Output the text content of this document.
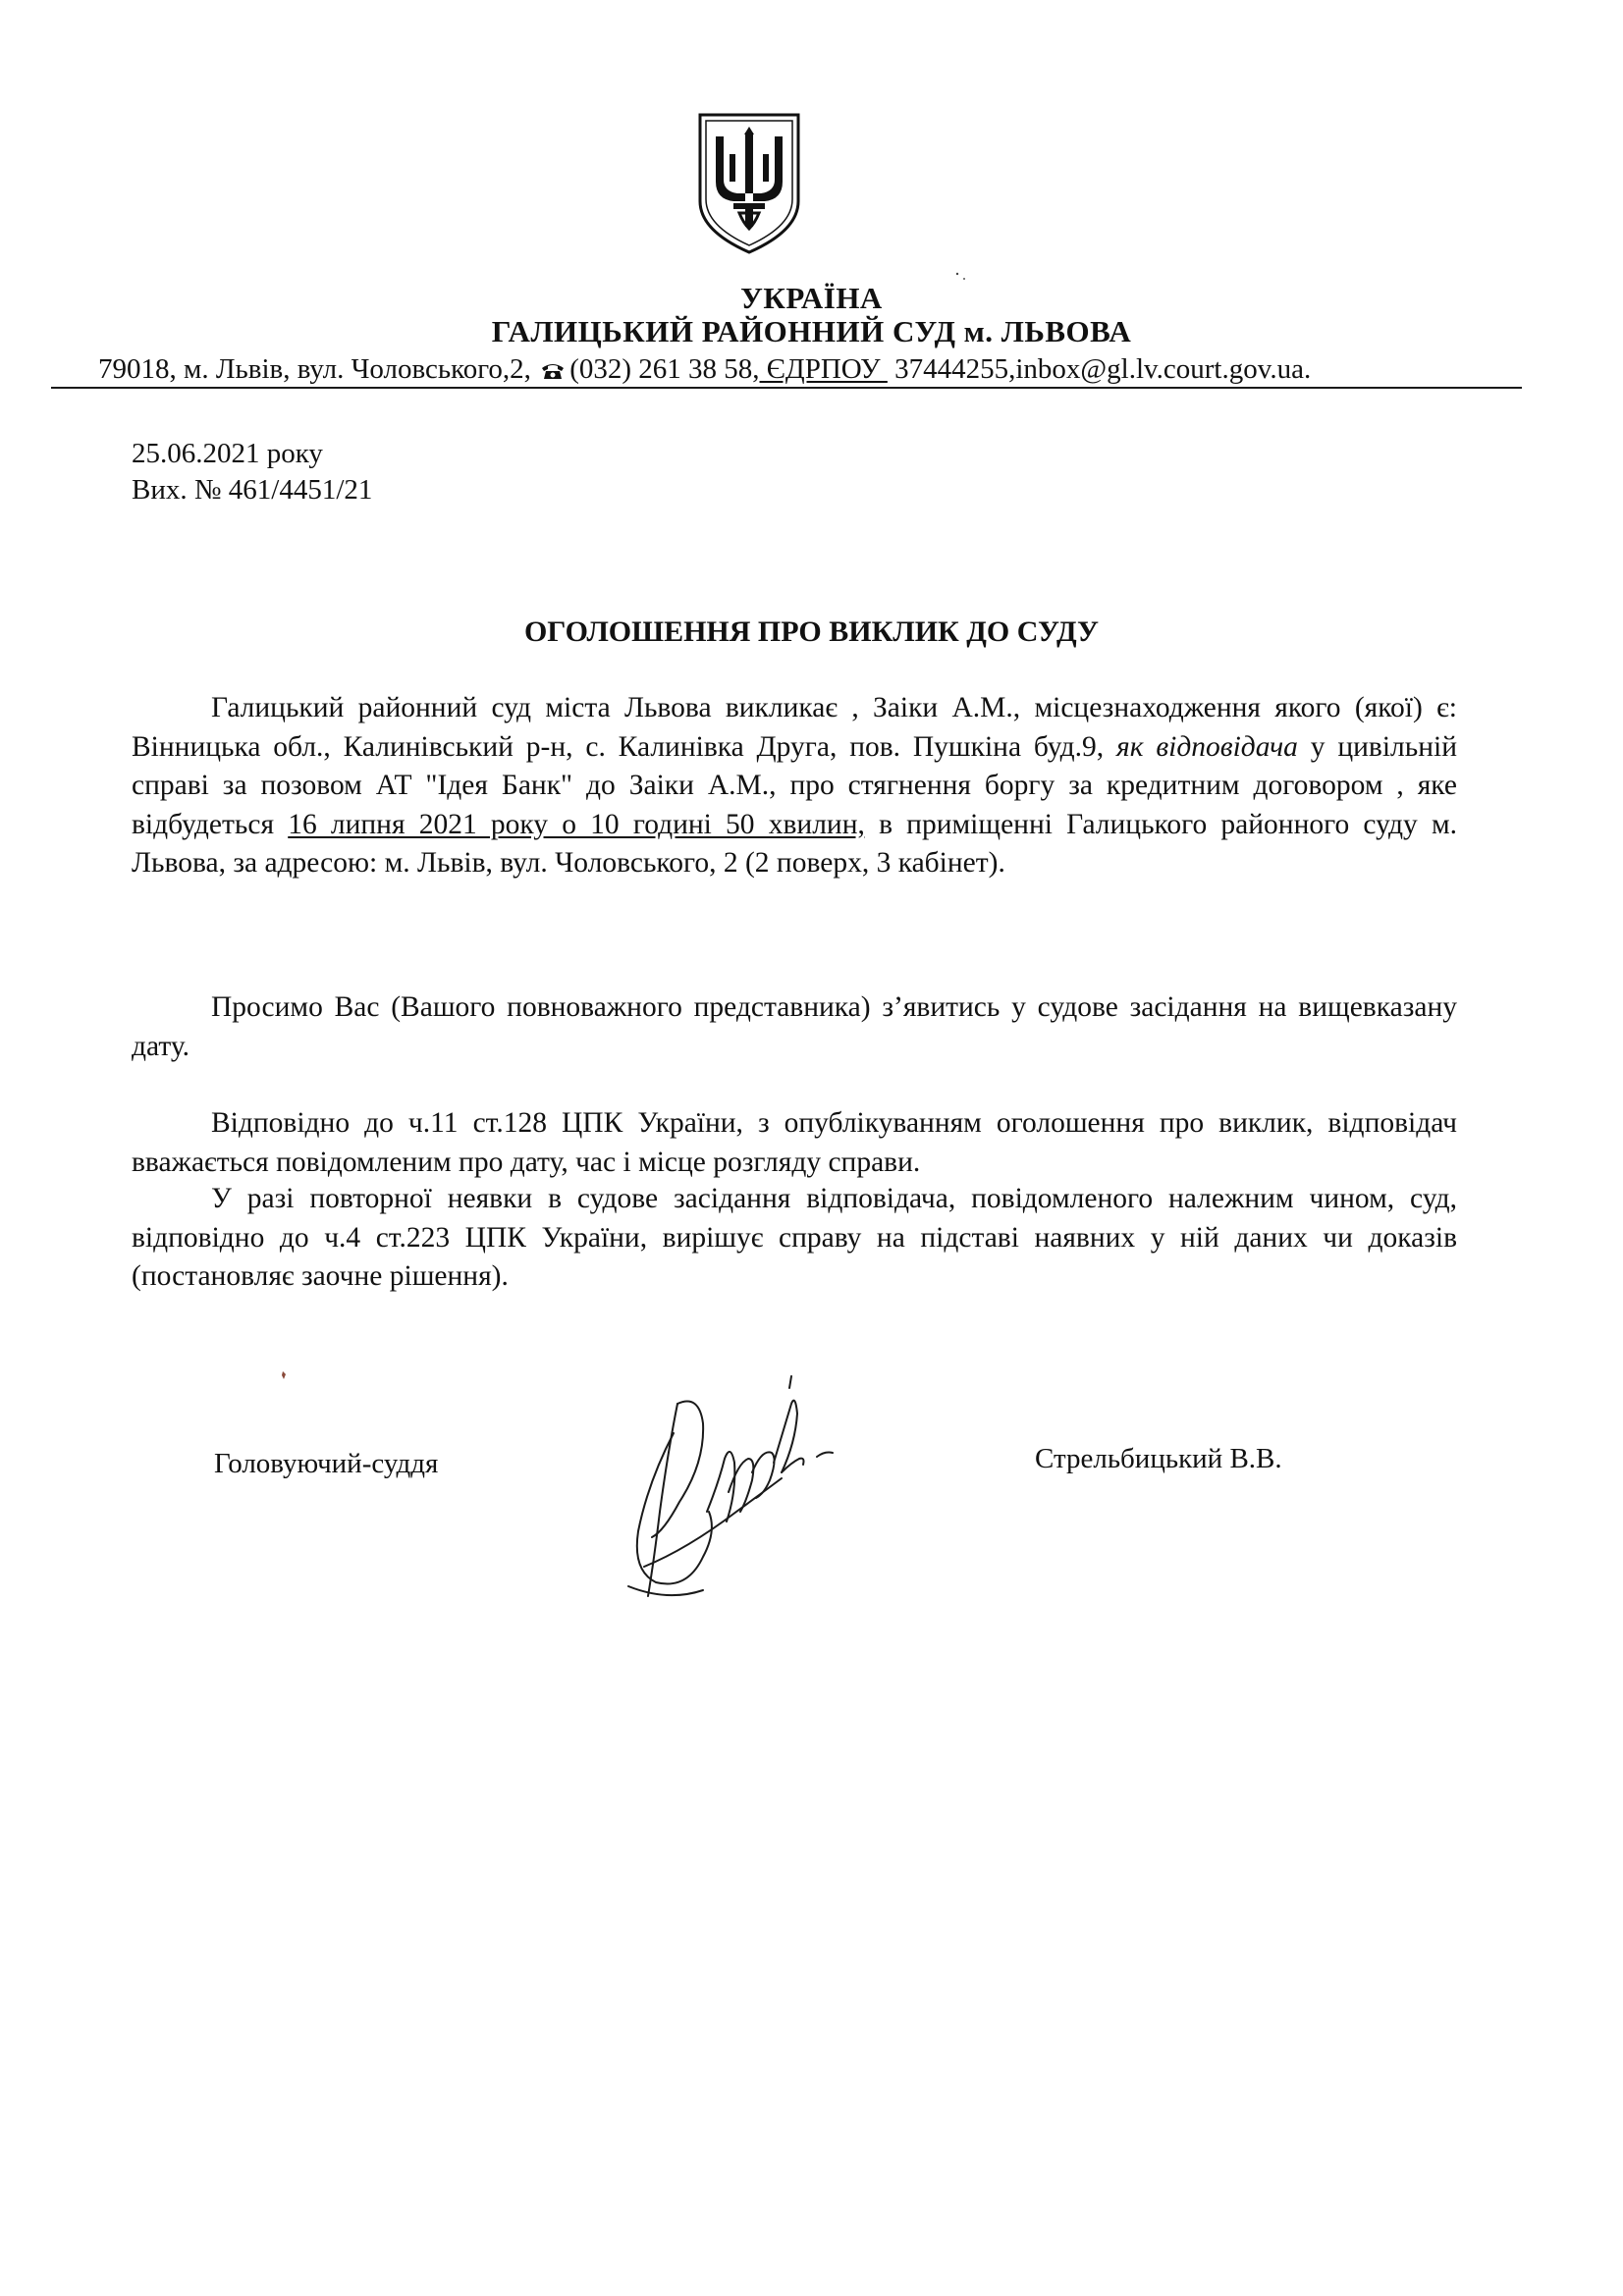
УКРАЇНА
ГАЛИЦЬКИЙ РАЙОННИЙ СУД м. ЛЬВОВА
79018, м. Львів, вул. Чоловського,2,
(032) 261 38 58, ЄДРПОУ  37444255,inbox@gl.lv.court.gov.ua.
25.06.2021 року
Вих. № 461/4451/21
ОГОЛОШЕННЯ ПРО ВИКЛИК ДО СУДУ
Галицький районний суд міста Львова викликає , Заіки А.М., місцезнаходження якого (якої) є: Вінницька обл., Калинівський р-н, с. Калинівка Друга, пов. Пушкіна буд.9, як відповідача у цивільній справі за позовом АТ "Ідея Банк" до Заіки А.М., про стягнення боргу за кредитним договором , яке відбудеться 16 липня 2021 року о 10 годині 50 хвилин, в приміщенні Галицького районного суду м. Львова, за адресою: м. Львів, вул. Чоловського, 2 (2 поверх, 3 кабінет).
Просимо Вас (Вашого повноважного представника) з’явитись у судове засідання на вищевказану дату.
Відповідно до ч.11 ст.128 ЦПК України, з опублікуванням оголошення про виклик, відповідач вважається повідомленим про дату, час і місце розгляду справи.
У разі повторної неявки в судове засідання відповідача, повідомленого належним чином, суд, відповідно до ч.4 ст.223 ЦПК України, вирішує справу на підставі наявних у ній даних чи доказів (постановляє заочне рішення).
Головуючий-суддя	Стрельбицький В.В.
